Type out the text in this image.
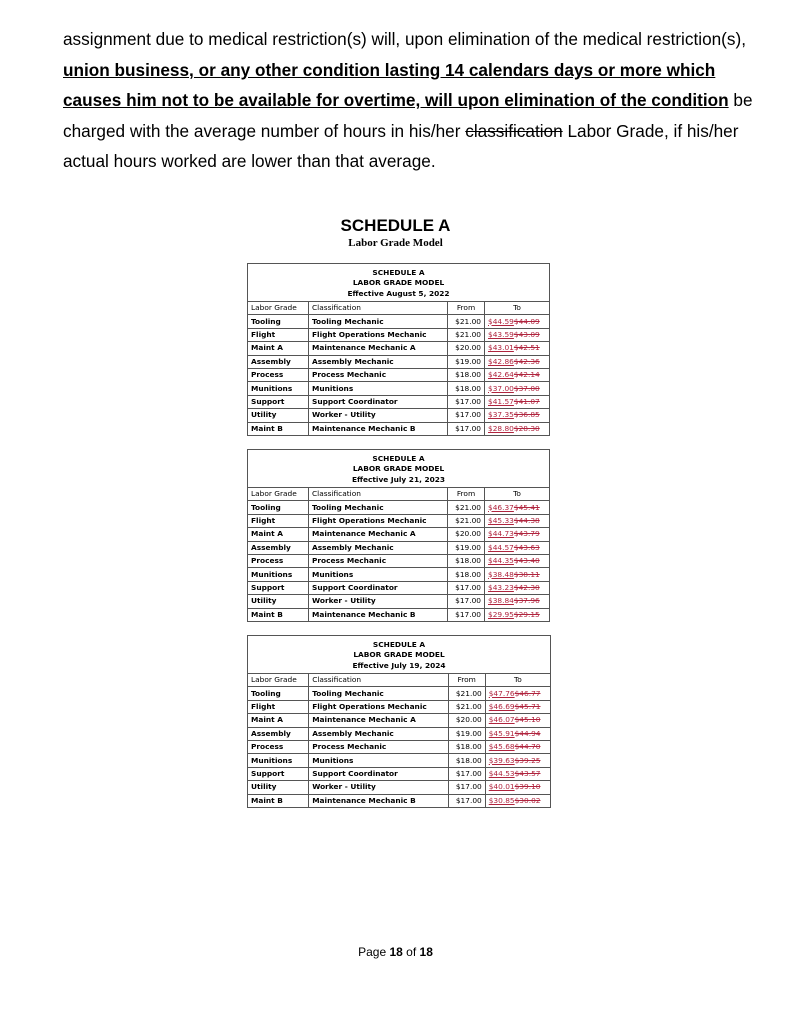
assignment due to medical restriction(s) will, upon elimination of the medical restriction(s), union business, or any other condition lasting 14 calendars days or more which causes him not to be available for overtime, will upon elimination of the condition be charged with the average number of hours in his/her classification Labor Grade, if his/her actual hours worked are lower than that average.

SCHEDULE A
Labor Grade Model
SCHEDULE A
LABOR GRADE MODEL
Effective August 5, 2022			

Labor Grade	Classification	From	To
Tooling	Tooling Mechanic	$21.00	$44.59$44.09
Flight	Flight Operations Mechanic	$21.00	$43.59$43.09
Maint A	Maintenance Mechanic A	$20.00	$43.01$42.51
Assembly	Assembly Mechanic	$19.00	$42.86$42.36
Process	Process Mechanic	$18.00	$42.64$42.14
Munitions	Munitions	$18.00	$37.00$37.00
Support	Support Coordinator	$17.00	$41.57$41.07
Utility	Worker - Utility	$17.00	$37.35$36.85
Maint B	Maintenance Mechanic B	$17.00	$28.80$28.30
SCHEDULE A
LABOR GRADE MODEL
Effective July 21, 2023			

Labor Grade	Classification	From	To
Tooling	Tooling Mechanic	$21.00	$46.37$45.41
Flight	Flight Operations Mechanic	$21.00	$45.33$44.38
Maint A	Maintenance Mechanic A	$20.00	$44.73$43.79
Assembly	Assembly Mechanic	$19.00	$44.57$43.63
Process	Process Mechanic	$18.00	$44.35$43.40
Munitions	Munitions	$18.00	$38.48$38.11
Support	Support Coordinator	$17.00	$43.23$42.30
Utility	Worker - Utility	$17.00	$38.84$37.96
Maint B	Maintenance Mechanic B	$17.00	$29.95$29.15
SCHEDULE A
LABOR GRADE MODEL
Effective July 19, 2024			

Labor Grade	Classification	From	To
Tooling	Tooling Mechanic	$21.00	$47.76$46.77
Flight	Flight Operations Mechanic	$21.00	$46.69$45.71
Maint A	Maintenance Mechanic A	$20.00	$46.07$45.10
Assembly	Assembly Mechanic	$19.00	$45.91$44.94
Process	Process Mechanic	$18.00	$45.68$44.70
Munitions	Munitions	$18.00	$39.63$39.25
Support	Support Coordinator	$17.00	$44.53$43.57
Utility	Worker - Utility	$17.00	$40.01$39.10
Maint B	Maintenance Mechanic B	$17.00	$30.85$30.02
Page 18 of 18
